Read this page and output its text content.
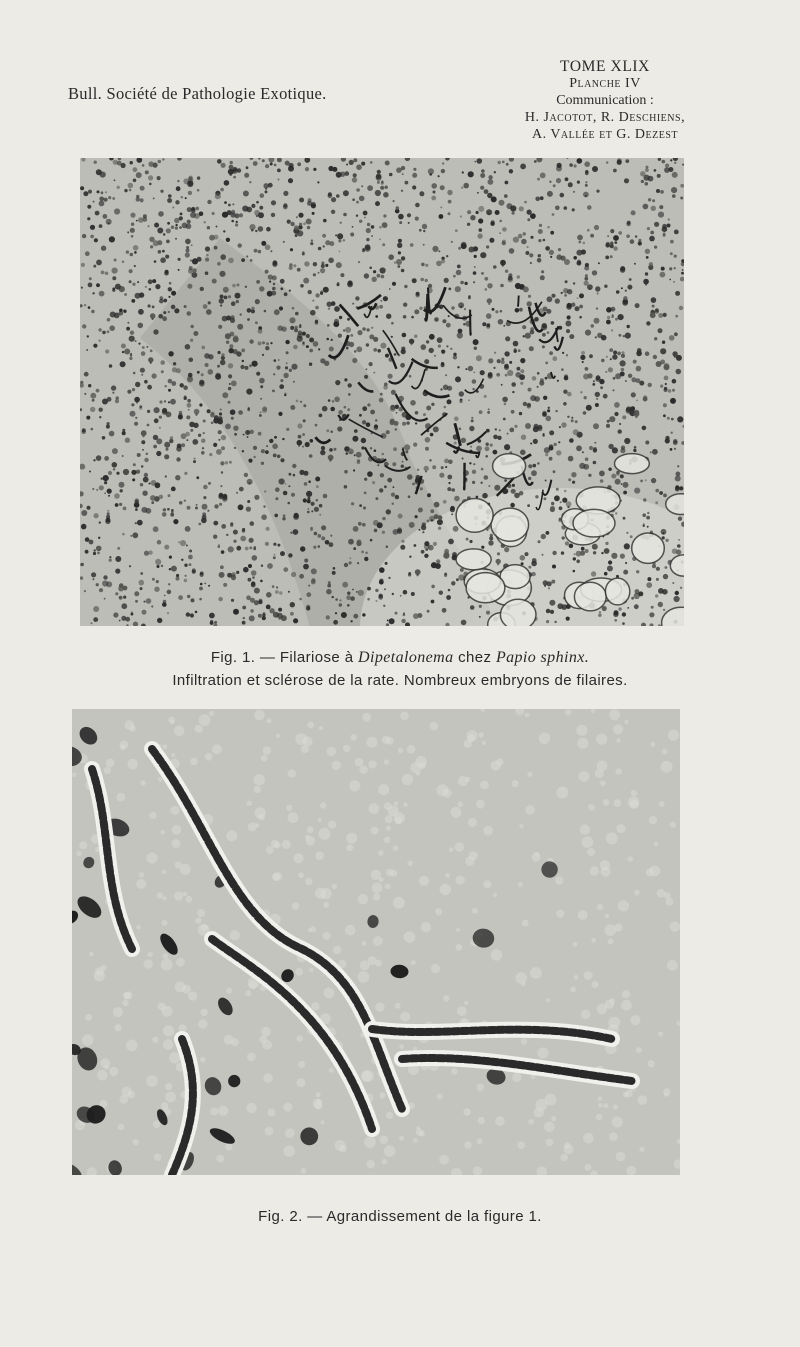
Bull. Société de Pathologie Exotique.
TOME XLIX
Planche IV
Communication :
H. Jacotot, R. Deschiens,
A. Vallée et G. Dezest
Fig. 1. — Filariose à Dipetalonema chez Papio sphinx.
Infiltration et sclérose de la rate. Nombreux embryons de filaires.
Fig. 2. — Agrandissement de la figure 1.
